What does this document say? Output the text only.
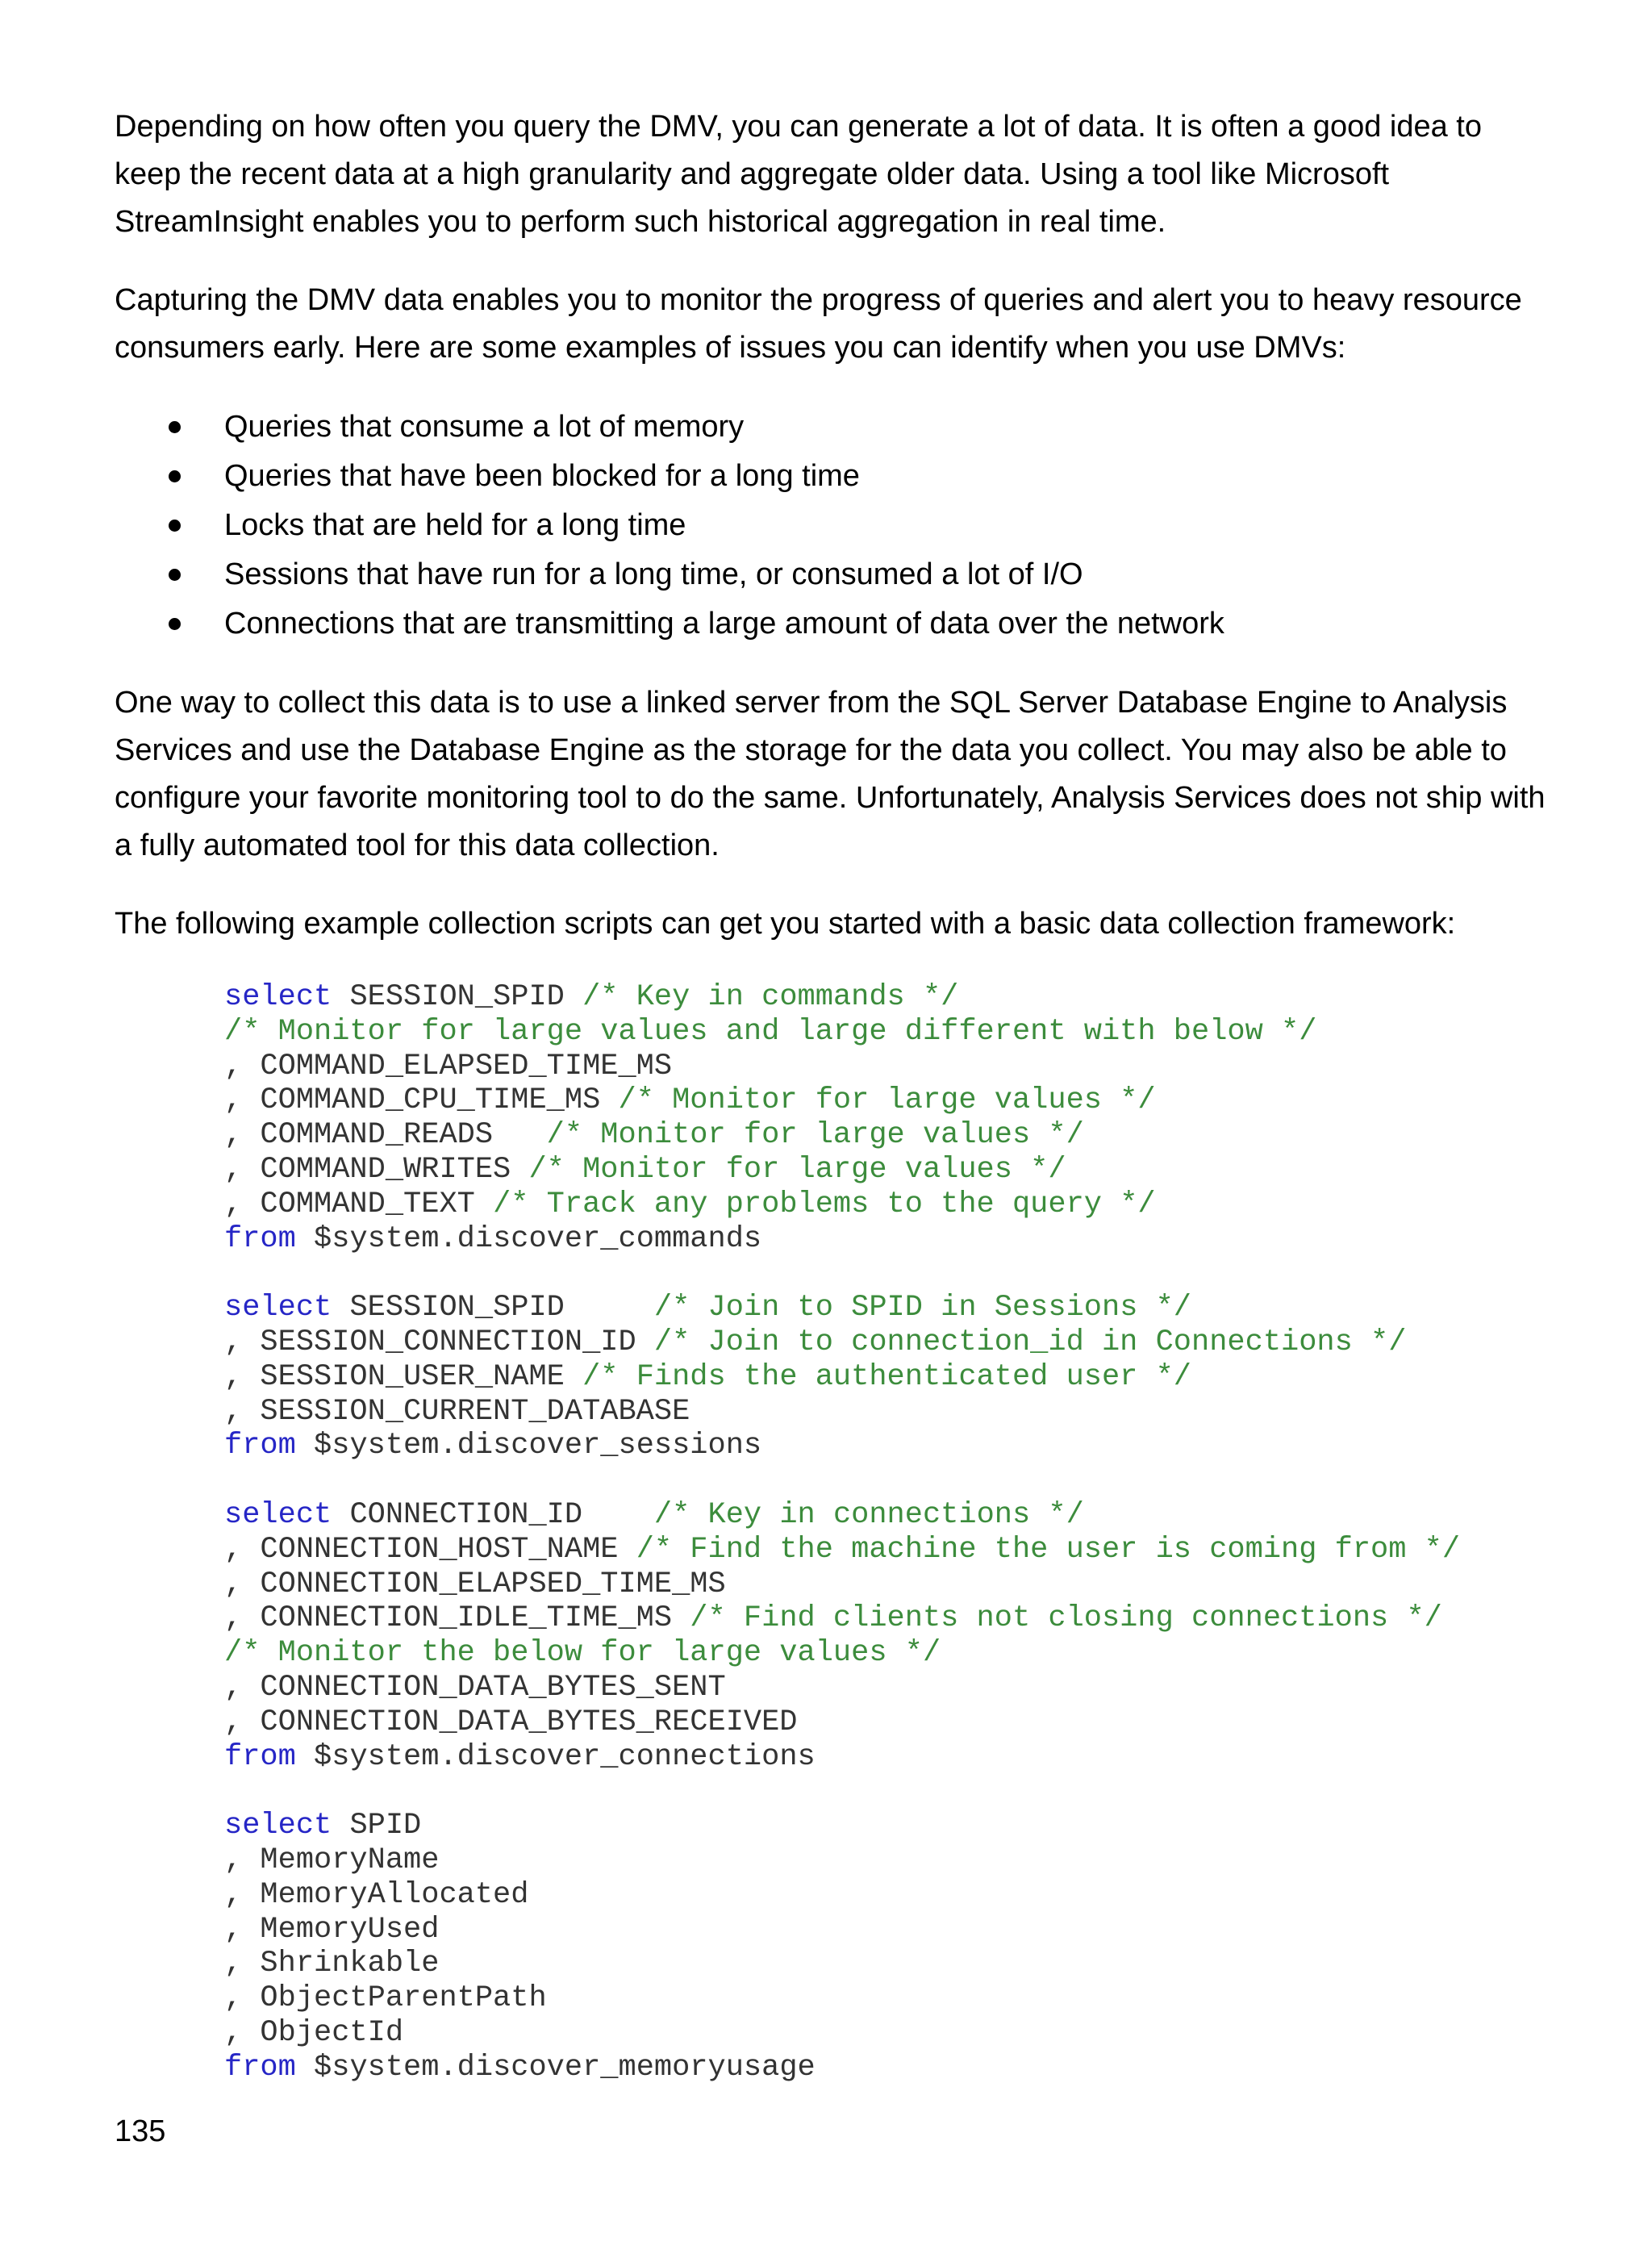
Depending on how often you query the DMV, you can generate a lot of data. It is often a good idea to keep the recent data at a high granularity and aggregate older data. Using a tool like Microsoft StreamInsight enables you to perform such historical aggregation in real time.

Capturing the DMV data enables you to monitor the progress of queries and alert you to heavy resource consumers early. Here are some examples of issues you can identify when you use DMVs:

Queries that consume a lot of memory
Queries that have been blocked for a long time
Locks that are held for a long time
Sessions that have run for a long time, or consumed a lot of I/O
Connections that are transmitting a large amount of data over the network

One way to collect this data is to use a linked server from the SQL Server Database Engine to Analysis Services and use the Database Engine as the storage for the data you collect. You may also be able to configure your favorite monitoring tool to do the same. Unfortunately, Analysis Services does not ship with a fully automated tool for this data collection.

The following example collection scripts can get you started with a basic data collection framework:

select SESSION_SPID /* Key in commands */
/* Monitor for large values and large different with below */
, COMMAND_ELAPSED_TIME_MS
, COMMAND_CPU_TIME_MS /* Monitor for large values */
, COMMAND_READS   /* Monitor for large values */
, COMMAND_WRITES /* Monitor for large values */
, COMMAND_TEXT /* Track any problems to the query */
from $system.discover_commands
select SESSION_SPID     /* Join to SPID in Sessions */
, SESSION_CONNECTION_ID /* Join to connection_id in Connections */
, SESSION_USER_NAME /* Finds the authenticated user */
, SESSION_CURRENT_DATABASE
from $system.discover_sessions
select CONNECTION_ID    /* Key in connections */
, CONNECTION_HOST_NAME /* Find the machine the user is coming from */
, CONNECTION_ELAPSED_TIME_MS
, CONNECTION_IDLE_TIME_MS /* Find clients not closing connections */
/* Monitor the below for large values */
, CONNECTION_DATA_BYTES_SENT
, CONNECTION_DATA_BYTES_RECEIVED
from $system.discover_connections
select SPID
, MemoryName
, MemoryAllocated
, MemoryUsed
, Shrinkable
, ObjectParentPath
, ObjectId
from $system.discover_memoryusage
135
